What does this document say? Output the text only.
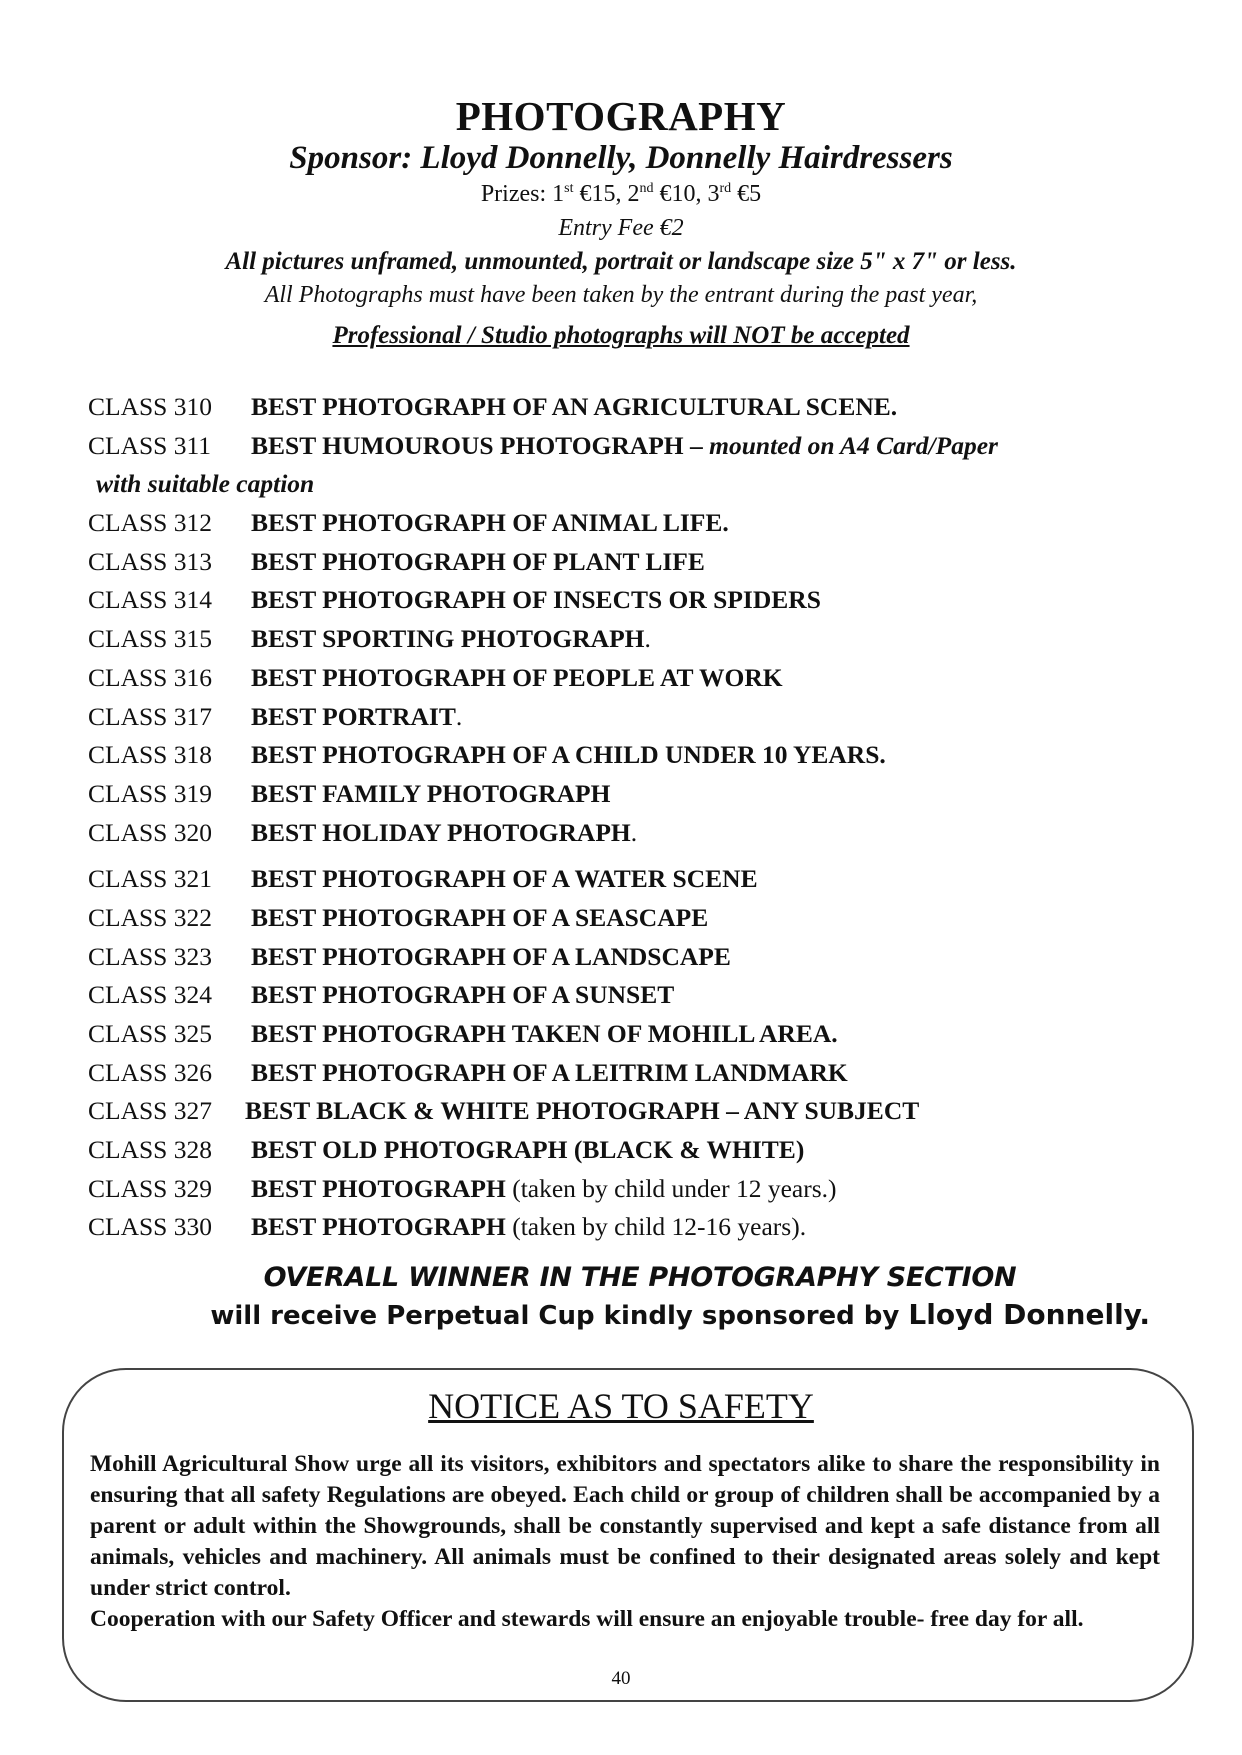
PHOTOGRAPHY
Sponsor: Lloyd Donnelly, Donnelly Hairdressers
Prizes: 1st €15, 2nd €10, 3rd €5
Entry Fee €2
All pictures unframed, unmounted, portrait or landscape size 5" x 7" or less.
All Photographs must have been taken by the entrant during the past year,
Professional / Studio photographs will NOT be accepted
CLASS 310 BEST PHOTOGRAPH OF AN AGRICULTURAL SCENE.
CLASS 311 BEST HUMOUROUS PHOTOGRAPH – mounted on A4 Card/Paper
with suitable caption
CLASS 312 BEST PHOTOGRAPH OF ANIMAL LIFE.
CLASS 313 BEST PHOTOGRAPH OF PLANT LIFE
CLASS 314 BEST PHOTOGRAPH OF INSECTS OR SPIDERS
CLASS 315 BEST SPORTING PHOTOGRAPH.
CLASS 316 BEST PHOTOGRAPH OF PEOPLE AT WORK
CLASS 317 BEST PORTRAIT.
CLASS 318 BEST PHOTOGRAPH OF A CHILD UNDER 10 YEARS.
CLASS 319 BEST FAMILY PHOTOGRAPH
CLASS 320 BEST HOLIDAY PHOTOGRAPH.
CLASS 321 BEST PHOTOGRAPH OF A WATER SCENE
CLASS 322 BEST PHOTOGRAPH OF A SEASCAPE
CLASS 323 BEST PHOTOGRAPH OF A LANDSCAPE
CLASS 324 BEST PHOTOGRAPH OF A SUNSET
CLASS 325 BEST PHOTOGRAPH TAKEN OF MOHILL AREA.
CLASS 326 BEST PHOTOGRAPH OF A LEITRIM LANDMARK
CLASS 327 BEST BLACK & WHITE PHOTOGRAPH – ANY SUBJECT
CLASS 328 BEST OLD PHOTOGRAPH (BLACK & WHITE)
CLASS 329 BEST PHOTOGRAPH (taken by child under 12 years.)
CLASS 330 BEST PHOTOGRAPH (taken by child 12-16 years).
OVERALL WINNER IN THE PHOTOGRAPHY SECTION
will receive Perpetual Cup kindly sponsored by Lloyd Donnelly.
NOTICE AS TO SAFETY
Mohill Agricultural Show urge all its visitors, exhibitors and spectators alike to share the responsibility in ensuring that all safety Regulations are obeyed. Each child or group of children shall be accompanied by a parent or adult within the Showgrounds, shall be constantly supervised and kept a safe distance from all animals, vehicles and machinery. All animals must be confined to their designated areas solely and kept under strict control.
Cooperation with our Safety Officer and stewards will ensure an enjoyable trouble- free day for all.
40
